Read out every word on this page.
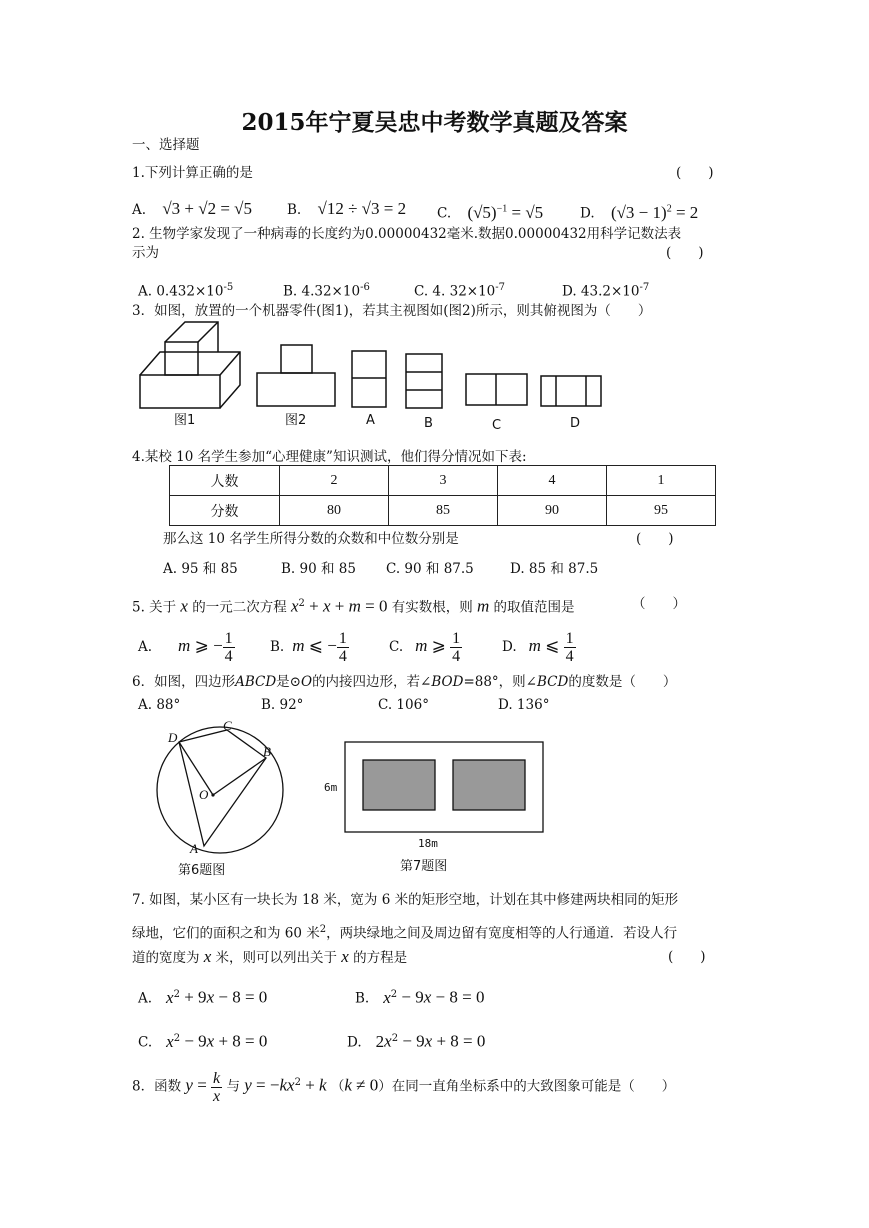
2015年宁夏吴忠中考数学真题及答案
一、选择题
1.下列计算正确的是	(　　)
A. √3 + √2 = √5	B. √12 ÷ √3 = 2 C. $(√5)^{-1} = √5$	D. $(√3 - 1)^2 = 2$
2. 生物学家发现了一种病毒的长度约为0.00000432毫米.数据0.00000432用科学记数法表
示为	(　　)
A. $0.432\times 10^{-5}$	B. $4.32\times 10^{-6}$	C. 4. $32\times 10^{-7}$	D. $43.2\times 10^{-7}$
3．如图，放置的一个机器零件(图1)，若其主视图如(图2)所示，则其俯视图为（　　）
图1	图2	A	B	C	D
4.某校 10 名学生参加“心理健康”知识测试，他们得分情况如下表:
人数	2	3	4	1
分数	80	85	90	95
那么这 10 名学生所得分数的众数和中位数分别是	(　　)
A. 95 和 85	B. 90 和 85 C. 90 和 87.5	D. 85 和 87.5
5. 关于 x 的一元二次方程 $x^2 + x + m = 0$ 有实数根，则 m 的取值范围是	（　　）
A. m ⩾ − $\frac{1}{4}$	B. m ⩽ − $\frac{1}{4}$	C. m ⩾ $\frac{1}{4}$	D. m ⩽ $\frac{1}{4}$
6．如图，四边形ABCD是⊙O的内接四边形，若∠BOD=88°，则∠BCD的度数是（　　）
A. 88°	B. 92°	C. 106°	D. 136°
D
C
B
O
A
第6题图
6m
18m
第7题图
7. 如图，某小区有一块长为 18 米，宽为 6 米的矩形空地，计划在其中修建两块相同的矩形
绿地，它们的面积之和为 60 米$^2$，两块绿地之间及周边留有宽度相等的人行通道．若设人行
道的宽度为 x 米，则可以列出关于 x 的方程是	(　　)
A. $x^2 + 9x - 8 = 0$	B. $x^2 - 9x - 8 = 0$
C. $x^2 - 9x + 8 = 0$	D. $2x^2 - 9x + 8 = 0$
8．函数 $y = \frac{k}{x}$ 与 $y = -kx^2 + k$ （k ≠ 0）在同一直角坐标系中的大致图象可能是（　　）
